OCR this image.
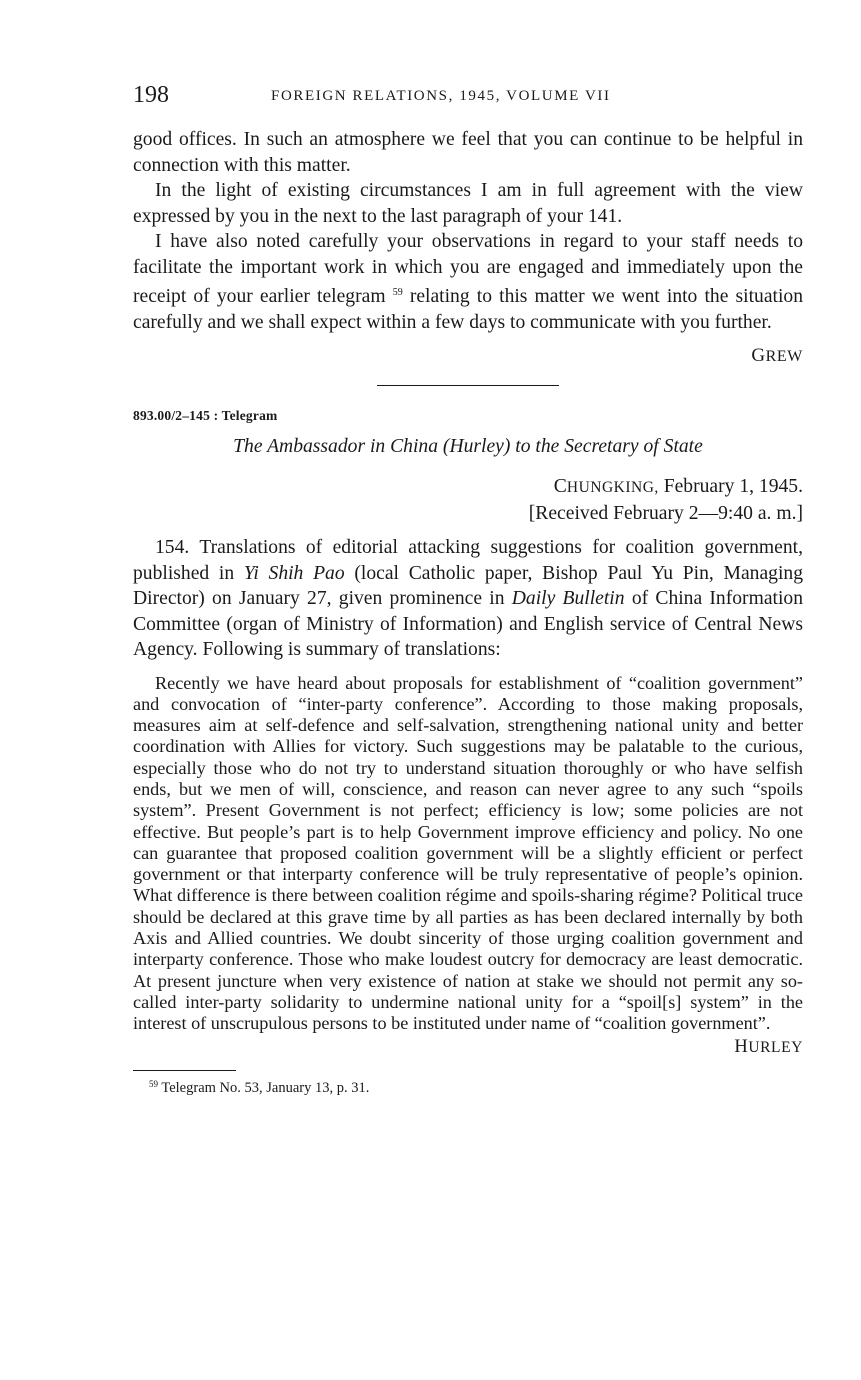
198	FOREIGN RELATIONS, 1945, VOLUME VII

good offices. In such an atmosphere we feel that you can continue to be helpful in connection with this matter.

In the light of existing circumstances I am in full agreement with the view expressed by you in the next to the last paragraph of your 141.

I have also noted carefully your observations in regard to your staff needs to facilitate the important work in which you are engaged and immediately upon the receipt of your earlier telegram $^{59}$ relating to this matter we went into the situation carefully and we shall expect within a few days to communicate with you further.

GREW

893.00/2–145 : Telegram

The Ambassador in China (Hurley) to the Secretary of State

CHUNGKING, February 1, 1945.
[Received February 2—9:40 a. m.]

154. Translations of editorial attacking suggestions for coalition government, published in Yi Shih Pao (local Catholic paper, Bishop Paul Yu Pin, Managing Director) on January 27, given prominence in Daily Bulletin of China Information Committee (organ of Ministry of Information) and English service of Central News Agency. Following is summary of translations:

Recently we have heard about proposals for establishment of “coalition government” and convocation of “inter-party conference”. According to those making proposals, measures aim at self-defence and self-salvation, strengthening national unity and better coordination with Allies for victory. Such suggestions may be palatable to the curious, especially those who do not try to understand situation thoroughly or who have selfish ends, but we men of will, conscience, and reason can never agree to any such “spoils system”. Present Government is not perfect; efficiency is low; some policies are not effective. But people’s part is to help Government improve efficiency and policy. No one can guarantee that proposed coalition government will be a slightly efficient or perfect government or that interparty conference will be truly representative of people’s opinion. What difference is there between coalition régime and spoils-sharing régime? Political truce should be declared at this grave time by all parties as has been declared internally by both Axis and Allied countries. We doubt sincerity of those urging coalition government and interparty conference. Those who make loudest outcry for democracy are least democratic. At present juncture when very existence of nation at stake we should not permit any so-called inter-party solidarity to undermine national unity for a “spoil[s] system” in the interest of unscrupulous persons to be instituted under name of “coalition government”.

HURLEY

$^{59}$ Telegram No. 53, January 13, p. 31.
